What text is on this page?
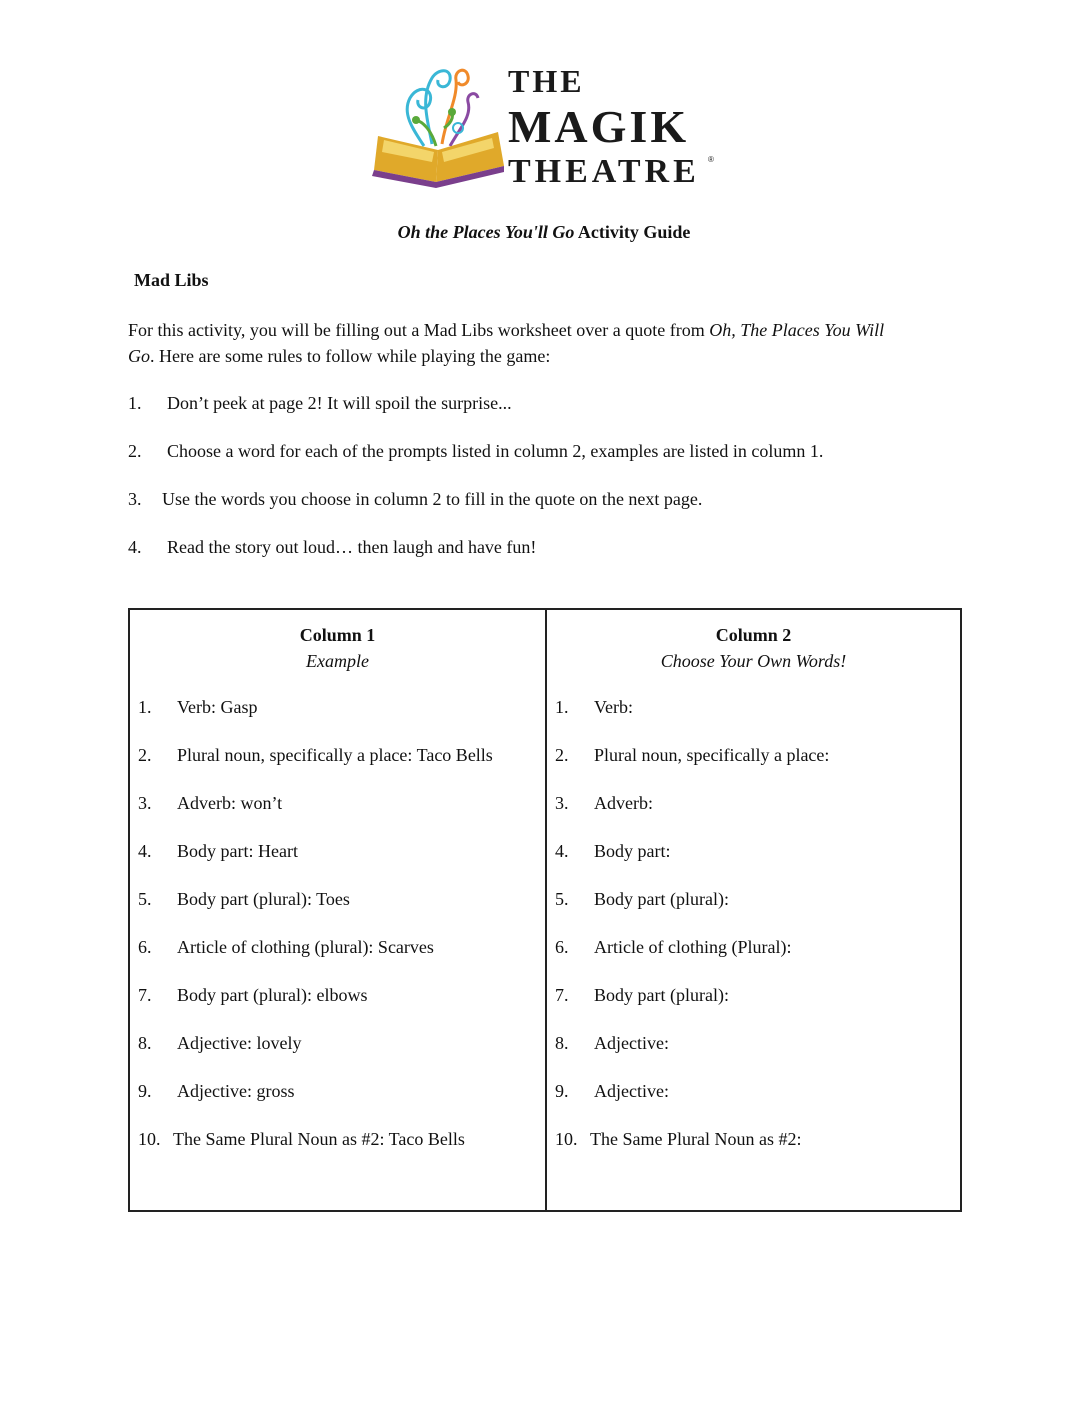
THE
MAGIK
THEATRE ®
Oh the Places You'll Go Activity Guide
Mad Libs
For this activity, you will be filling out a Mad Libs worksheet over a quote from Oh, The Places You Will
Go. Here are some rules to follow while playing the game:
1. Don’t peek at page 2! It will spoil the surprise...
2. Choose a word for each of the prompts listed in column 2, examples are listed in column 1.
3. Use the words you choose in column 2 to fill in the quote on the next page.
4. Read the story out loud… then laugh and have fun!
Column 1
Example
1. Verb: Gasp
2. Plural noun, specifically a place: Taco Bells
3. Adverb: won’t
4. Body part: Heart
5. Body part (plural): Toes
6. Article of clothing (plural): Scarves
7. Body part (plural): elbows
8. Adjective: lovely
9. Adjective: gross
10. The Same Plural Noun as #2: Taco Bells
Column 2
Choose Your Own Words!
1. Verb:
2. Plural noun, specifically a place:
3. Adverb:
4. Body part:
5. Body part (plural):
6. Article of clothing (Plural):
7. Body part (plural):
8. Adjective:
9. Adjective:
10. The Same Plural Noun as #2:
